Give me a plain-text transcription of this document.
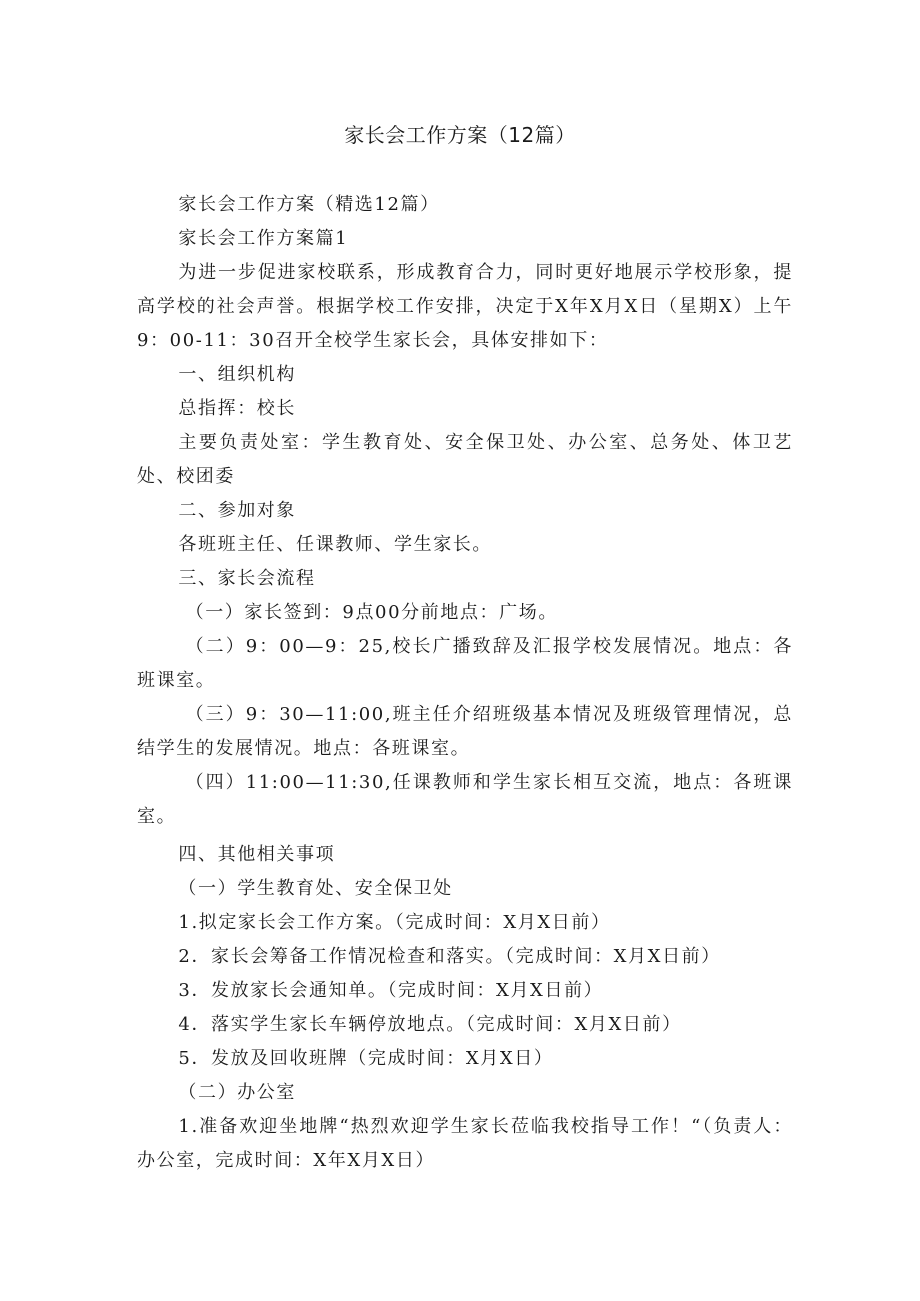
家长会工作方案（12篇）

家长会工作方案（精选12篇）

家长会工作方案篇1

为进一步促进家校联系，形成教育合力，同时更好地展示学校形象，提高学校的社会声誉。根据学校工作安排，决定于X年X月X日（星期X）上午9：00-11：30召开全校学生家长会，具体安排如下：

一、组织机构

总指挥：校长

主要负责处室：学生教育处、安全保卫处、办公室、总务处、体卫艺处、校团委

二、参加对象

各班班主任、任课教师、学生家长。

三、家长会流程

（一）家长签到：9点00分前地点：广场。

（二）9：00—9：25,校长广播致辞及汇报学校发展情况。地点：各班课室。

（三）9：30—11:00,班主任介绍班级基本情况及班级管理情况，总结学生的发展情况。地点：各班课室。

（四）11:00—11:30,任课教师和学生家长相互交流，地点：各班课室。

四、其他相关事项

（一）学生教育处、安全保卫处

1.拟定家长会工作方案。（完成时间：X月X日前）

2．家长会筹备工作情况检查和落实。（完成时间：X月X日前）

3．发放家长会通知单。（完成时间：X月X日前）

4．落实学生家长车辆停放地点。（完成时间：X月X日前）

5．发放及回收班牌（完成时间：X月X日）

（二）办公室

1.准备欢迎坐地牌“热烈欢迎学生家长莅临我校指导工作！“（负责人：办公室，完成时间：X年X月X日）
